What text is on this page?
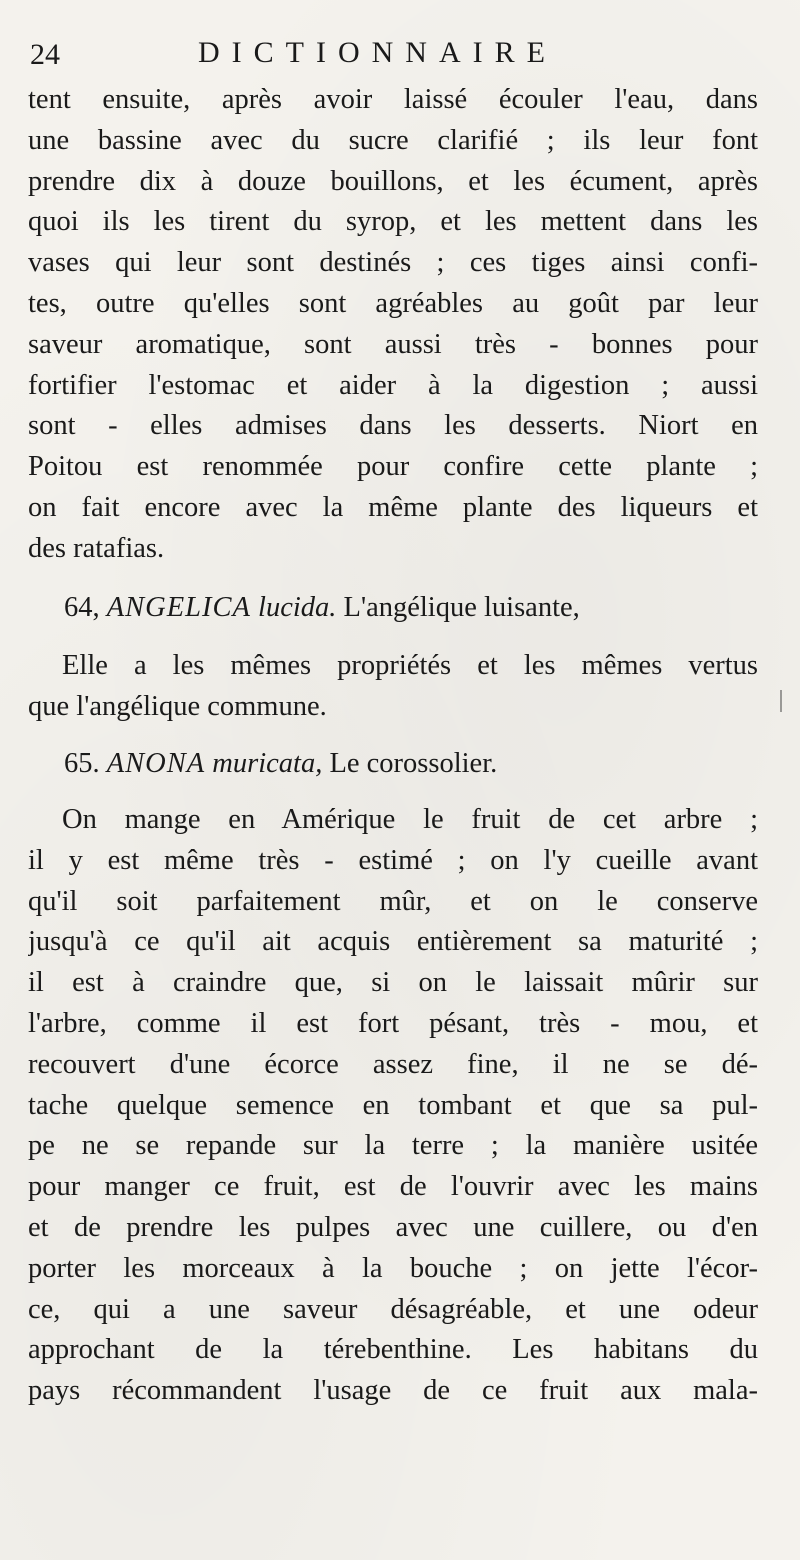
24	DICTIONNAIRE
tent ensuite, après avoir laissé écouler l'eau, dans
une bassine avec du sucre clarifié ; ils leur font
prendre dix à douze bouillons, et les écument, après
quoi ils les tirent du syrop, et les mettent dans les
vases qui leur sont destinés ; ces tiges ainsi confi-
tes, outre qu'elles sont agréables au goût par leur
saveur aromatique, sont aussi très - bonnes pour
fortifier l'estomac et aider à la digestion ; aussi
sont - elles admises dans les desserts. Niort en
Poitou est renommée pour confire cette plante ;
on fait encore avec la même plante des liqueurs et
des ratafias.
64, ANGELICA lucida. L'angélique luisante,
Elle a les mêmes propriétés et les mêmes vertus
que l'angélique commune.
65. ANONA muricata, Le corossolier.
On mange en Amérique le fruit de cet arbre ;
il y est même très - estimé ; on l'y cueille avant
qu'il soit parfaitement mûr, et on le conserve
jusqu'à ce qu'il ait acquis entièrement sa maturité ;
il est à craindre que, si on le laissait mûrir sur
l'arbre, comme il est fort pésant, très - mou, et
recouvert d'une écorce assez fine, il ne se dé-
tache quelque semence en tombant et que sa pul-
pe ne se repande sur la terre ; la manière usitée
pour manger ce fruit, est de l'ouvrir avec les mains
et de prendre les pulpes avec une cuillere, ou d'en
porter les morceaux à la bouche ; on jette l'écor-
ce, qui a une saveur désagréable, et une odeur
approchant de la térebenthine. Les habitans du
pays récommandent l'usage de ce fruit aux mala-
